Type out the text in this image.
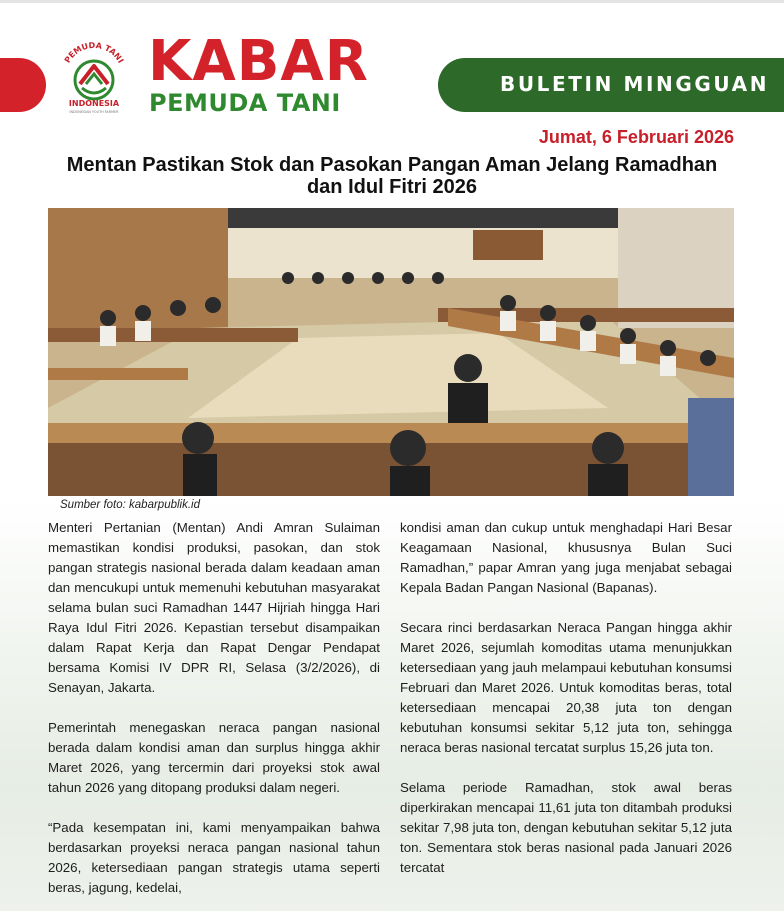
PEMUDA TANI
INDONESIA
INDONESIAN YOUTH FARMER
KABAR
PEMUDA TANI
BULETIN MINGGUAN
Jumat, 6 Februari 2026
Mentan Pastikan Stok dan Pasokan Pangan Aman Jelang Ramadhan dan Idul Fitri 2026
Sumber foto: kabarpublik.id

Menteri Pertanian (Mentan) Andi Amran Sulaiman memastikan kondisi produksi, pasokan, dan stok pangan strategis nasional berada dalam keadaan aman dan mencukupi untuk memenuhi kebutuhan masyarakat selama bulan suci Ramadhan 1447 Hijriah hingga Hari Raya Idul Fitri 2026. Kepastian tersebut disampaikan dalam Rapat Kerja dan Rapat Dengar Pendapat bersama Komisi IV DPR RI, Selasa (3/2/2026), di Senayan, Jakarta.

Pemerintah menegaskan neraca pangan nasional berada dalam kondisi aman dan surplus hingga akhir Maret 2026, yang tercermin dari proyeksi stok awal tahun 2026 yang ditopang produksi dalam negeri.

“Pada kesempatan ini, kami menyampaikan bahwa berdasarkan proyeksi neraca pangan nasional tahun 2026, ketersediaan pangan strategis utama seperti beras, jagung, kedelai,

kondisi aman dan cukup untuk menghadapi Hari Besar Keagamaan Nasional, khususnya Bulan Suci Ramadhan,” papar Amran yang juga menjabat sebagai Kepala Badan Pangan Nasional (Bapanas).

Secara rinci berdasarkan Neraca Pangan hingga akhir Maret 2026, sejumlah komoditas utama menunjukkan ketersediaan yang jauh melampaui kebutuhan konsumsi Februari dan Maret 2026. Untuk komoditas beras, total ketersediaan mencapai 20,38 juta ton dengan kebutuhan konsumsi sekitar 5,12 juta ton, sehingga neraca beras nasional tercatat surplus 15,26 juta ton.

Selama periode Ramadhan, stok awal beras diperkirakan mencapai 11,61 juta ton ditambah produksi sekitar 7,98 juta ton, dengan kebutuhan sekitar 5,12 juta ton. Sementara stok beras nasional pada Januari 2026 tercatat
